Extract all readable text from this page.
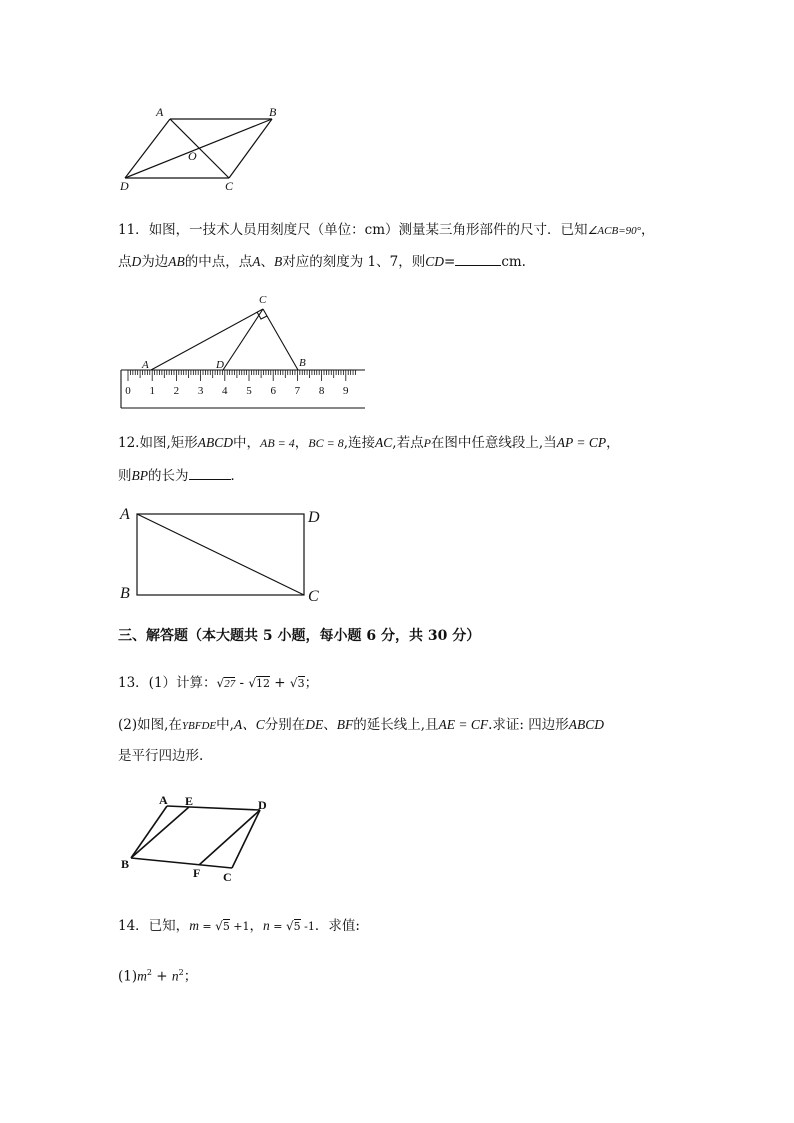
A	B
C
D
O
11．如图，一技术人员用刻度尺（单位：cm）测量某三角形部件的尺寸．已知∠ACB=90°，
点D为边AB的中点，点A、B对应的刻度为 1、7，则CD=	cm.
0 1 2 3 4 5 6 7 8 9
A	B
C
D
12.如图,矩形ABCD中，AB = 4，BC = 8,连接AC,若点P在图中任意线段上,当AP = CP，
则BP的长为	．
A	D
B	C
三、解答题（本大题共 5 小题，每小题 6 分，共 30 分）
13．(1）计算：√27 - √12 + √3；
(2)如图,在YBFDE中,A、C分别在DE、BF的延长线上,且AE = CF.求证: 四边形ABCD
是平行四边形.
A E	D
B
F C
14．已知，m = √5 +1，n = √5 -1．求值:
$(1)m^2 + n^2$；
